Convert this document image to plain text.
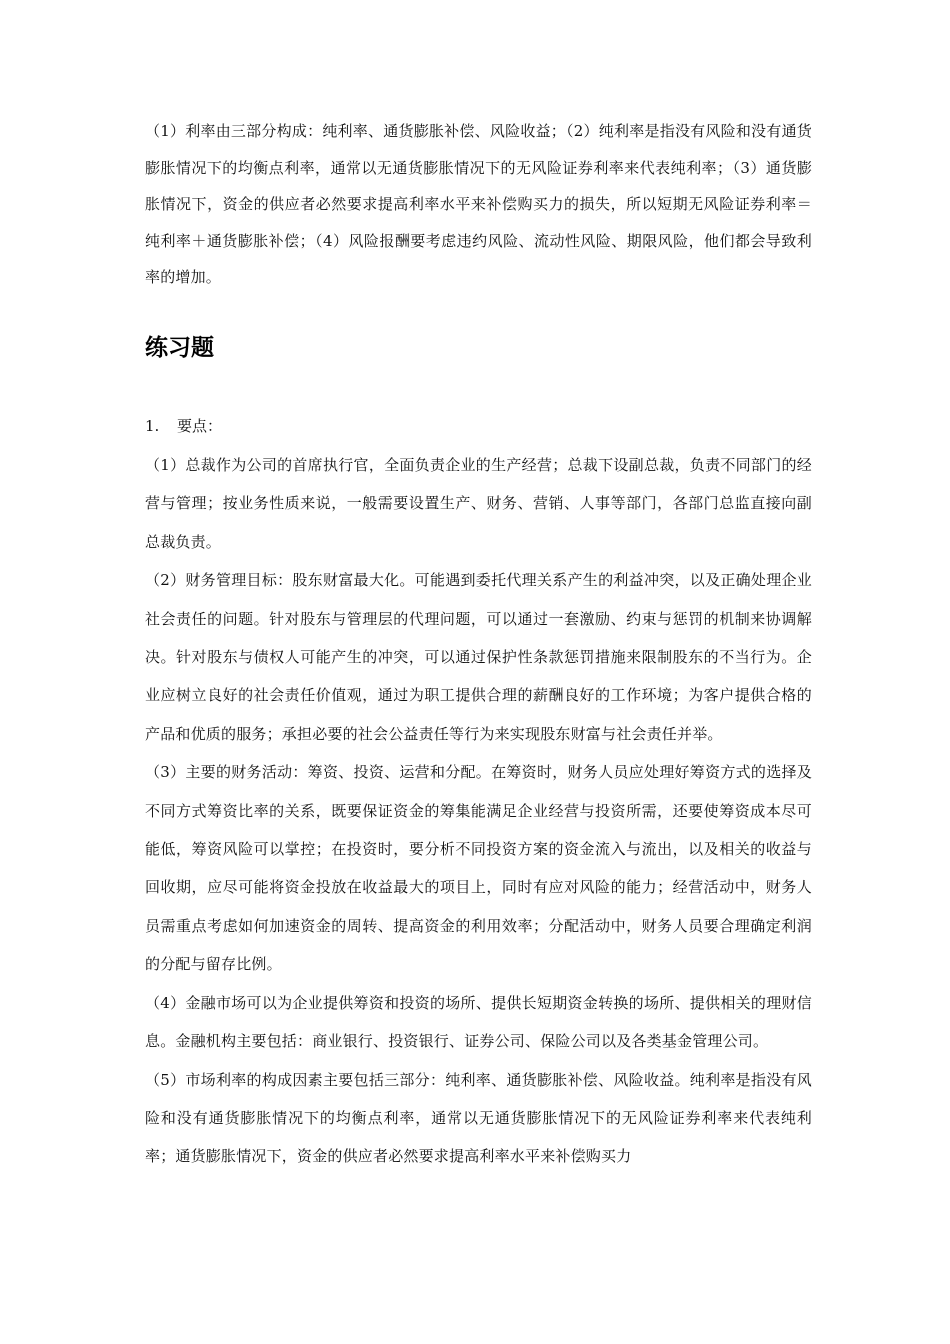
（1）利率由三部分构成：纯利率、通货膨胀补偿、风险收益；（2）纯利率是指没有风险和没有通货膨胀情况下的均衡点利率，通常以无通货膨胀情况下的无风险证券利率来代表纯利率；（3）通货膨胀情况下，资金的供应者必然要求提高利率水平来补偿购买力的损失，所以短期无风险证券利率＝纯利率＋通货膨胀补偿；（4）风险报酬要考虑违约风险、流动性风险、期限风险，他们都会导致利率的增加。

练习题

1. 要点：

（1）总裁作为公司的首席执行官，全面负责企业的生产经营；总裁下设副总裁，负责不同部门的经营与管理；按业务性质来说，一般需要设置生产、财务、营销、人事等部门，各部门总监直接向副总裁负责。

（2）财务管理目标：股东财富最大化。可能遇到委托代理关系产生的利益冲突，以及正确处理企业社会责任的问题。针对股东与管理层的代理问题，可以通过一套激励、约束与惩罚的机制来协调解决。针对股东与债权人可能产生的冲突，可以通过保护性条款惩罚措施来限制股东的不当行为。企业应树立良好的社会责任价值观，通过为职工提供合理的薪酬良好的工作环境；为客户提供合格的产品和优质的服务；承担必要的社会公益责任等行为来实现股东财富与社会责任并举。

（3）主要的财务活动：筹资、投资、运营和分配。在筹资时，财务人员应处理好筹资方式的选择及不同方式筹资比率的关系，既要保证资金的筹集能满足企业经营与投资所需，还要使筹资成本尽可能低，筹资风险可以掌控；在投资时，要分析不同投资方案的资金流入与流出，以及相关的收益与回收期，应尽可能将资金投放在收益最大的项目上，同时有应对风险的能力；经营活动中，财务人员需重点考虑如何加速资金的周转、提高资金的利用效率；分配活动中，财务人员要合理确定利润的分配与留存比例。

（4）金融市场可以为企业提供筹资和投资的场所、提供长短期资金转换的场所、提供相关的理财信息。金融机构主要包括：商业银行、投资银行、证券公司、保险公司以及各类基金管理公司。

（5）市场利率的构成因素主要包括三部分：纯利率、通货膨胀补偿、风险收益。纯利率是指没有风险和没有通货膨胀情况下的均衡点利率，通常以无通货膨胀情况下的无风险证券利率来代表纯利率；通货膨胀情况下，资金的供应者必然要求提高利率水平来补偿购买力
